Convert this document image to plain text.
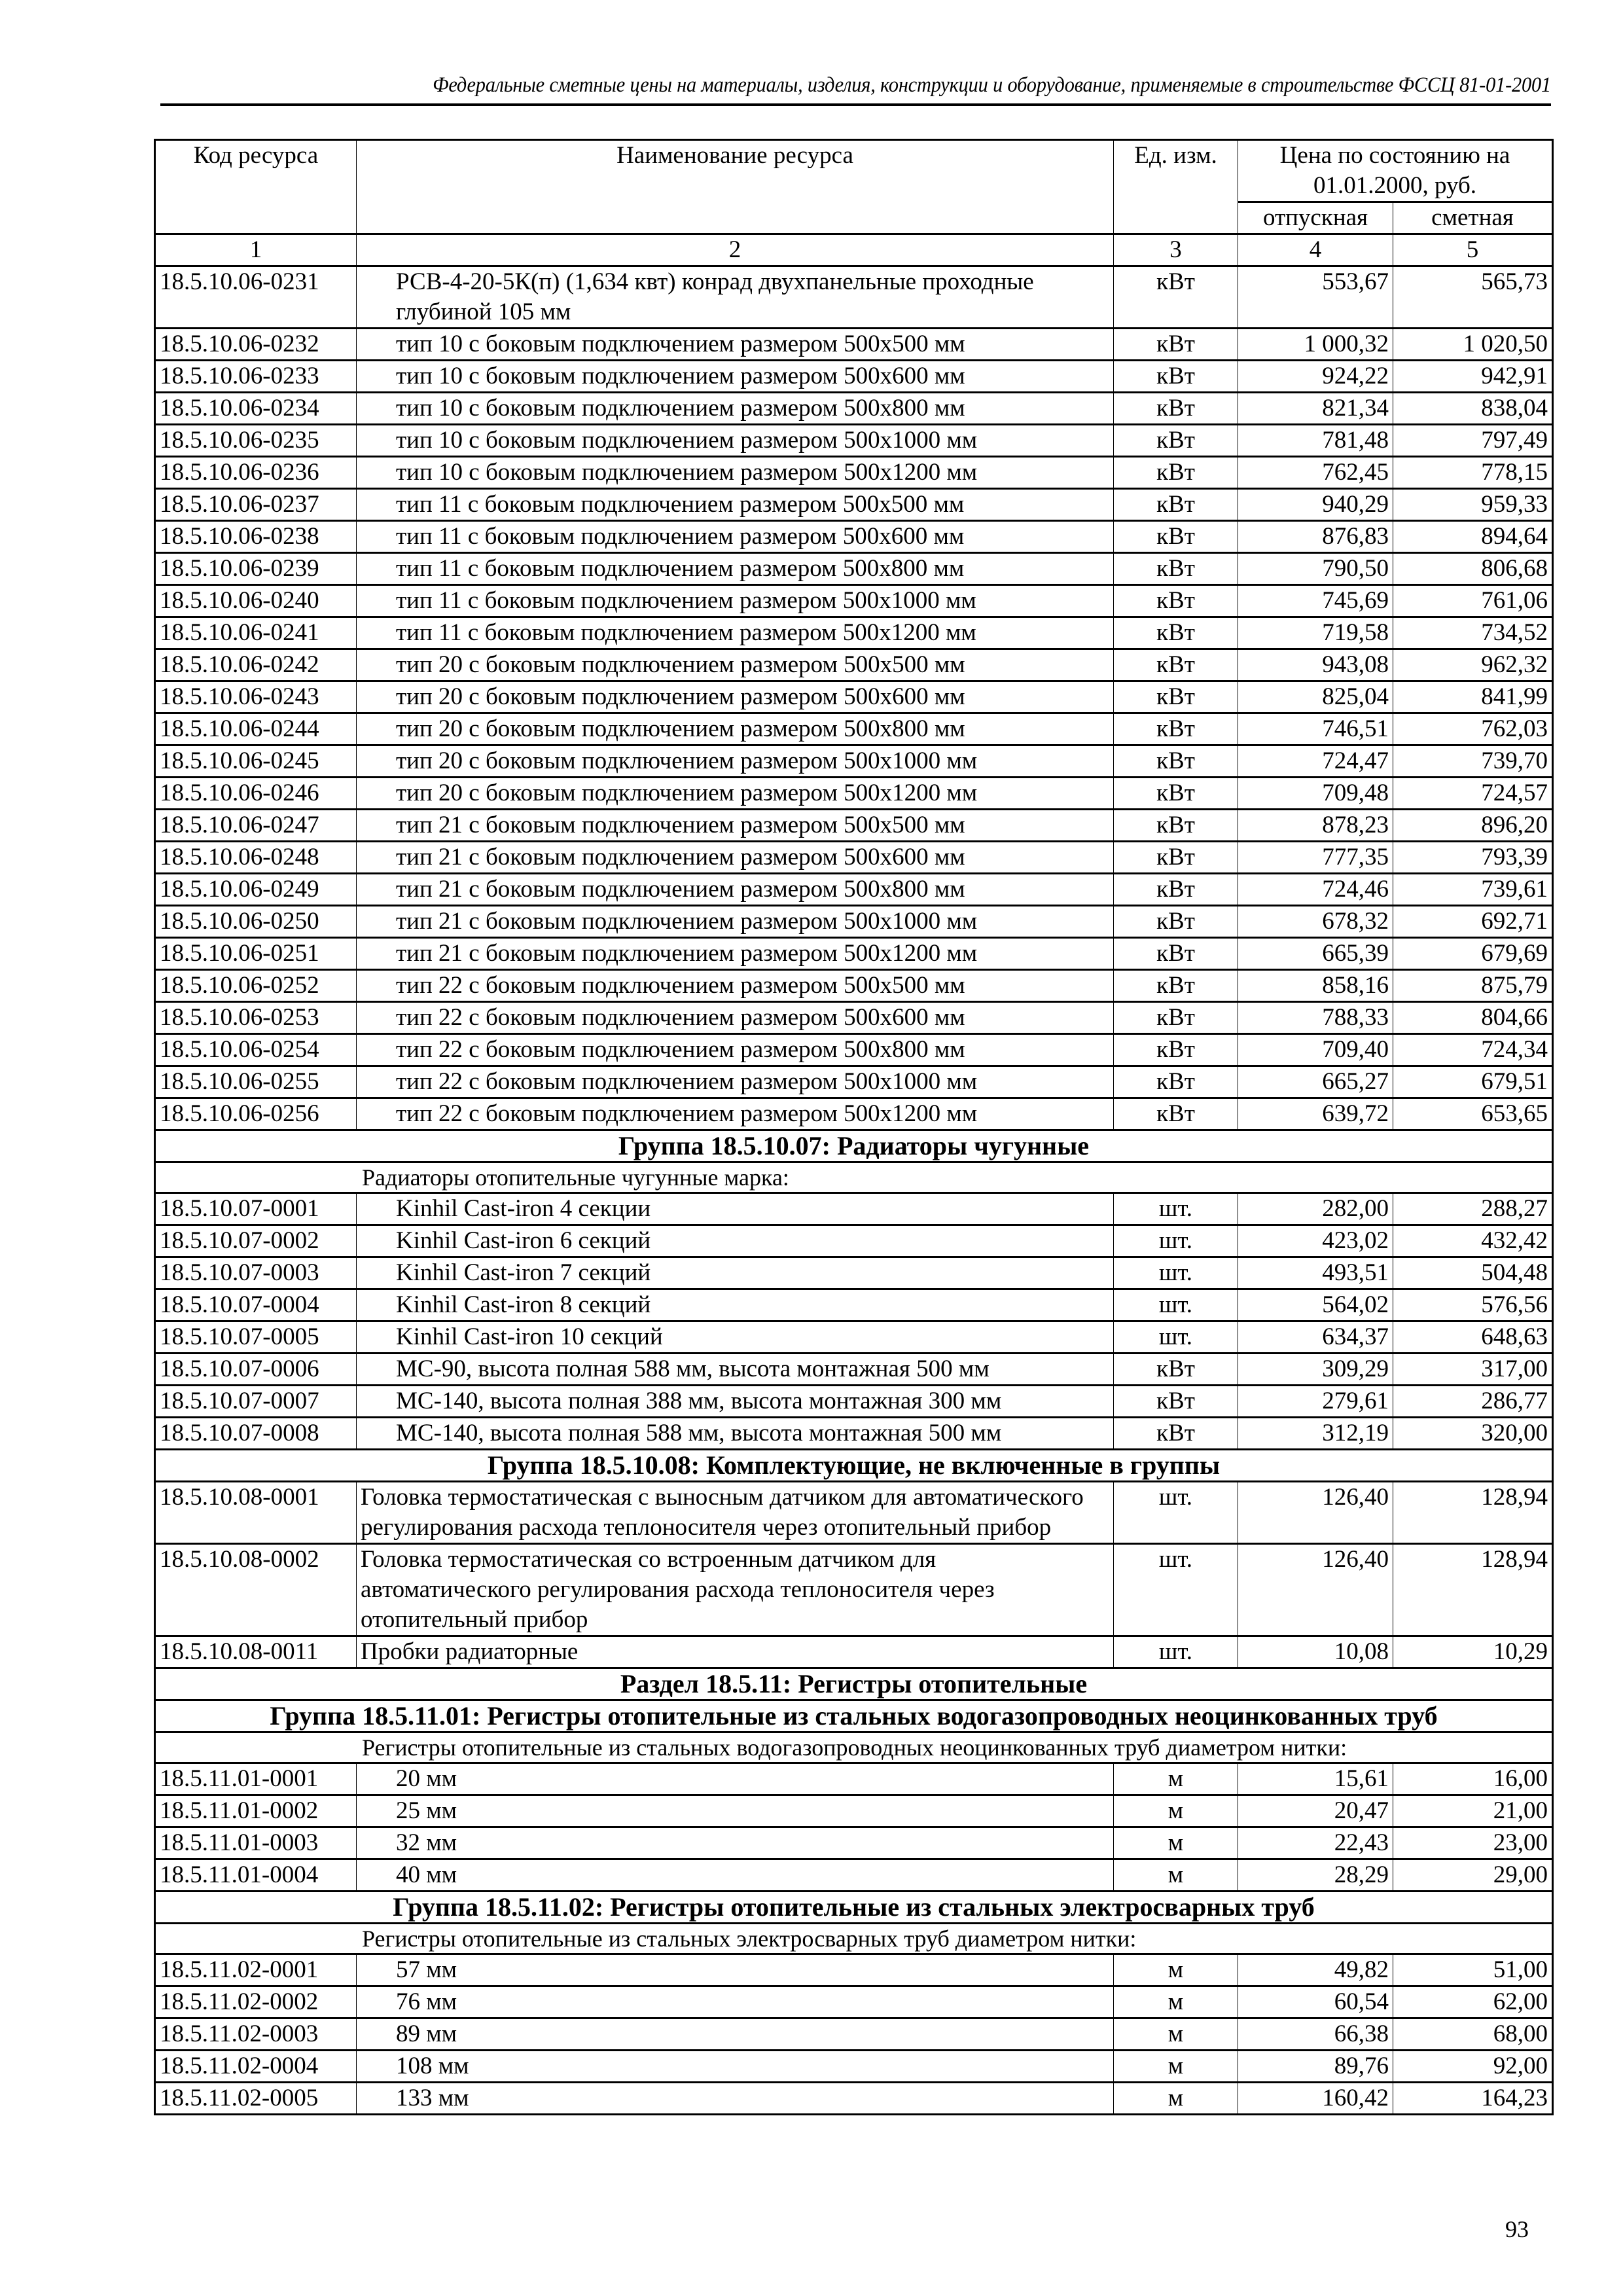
Федеральные сметные цены на материалы, изделия, конструкции и оборудование, применяемые в строительстве ФССЦ 81-01-2001
Код ресурса	Наименование ресурса	Ед. изм.	Цена по состоянию на 01.01.2000, руб.	
			отпускная	сметная
1	2	3	4	5
18.5.10.06-0231	РСВ-4-20-5К(п) (1,634 квт) конрад двухпанельные проходные глубиной 105 мм	кВт	553,67	565,73
18.5.10.06-0232	тип 10 с боковым подключением размером 500х500 мм	кВт	1 000,32	1 020,50
18.5.10.06-0233	тип 10 с боковым подключением размером 500х600 мм	кВт	924,22	942,91
18.5.10.06-0234	тип 10 с боковым подключением размером 500х800 мм	кВт	821,34	838,04
18.5.10.06-0235	тип 10 с боковым подключением размером 500х1000 мм	кВт	781,48	797,49
18.5.10.06-0236	тип 10 с боковым подключением размером 500х1200 мм	кВт	762,45	778,15
18.5.10.06-0237	тип 11 с боковым подключением размером 500х500 мм	кВт	940,29	959,33
18.5.10.06-0238	тип 11 с боковым подключением размером 500х600 мм	кВт	876,83	894,64
18.5.10.06-0239	тип 11 с боковым подключением размером 500х800 мм	кВт	790,50	806,68
18.5.10.06-0240	тип 11 с боковым подключением размером 500х1000 мм	кВт	745,69	761,06
18.5.10.06-0241	тип 11 с боковым подключением размером 500х1200 мм	кВт	719,58	734,52
18.5.10.06-0242	тип 20 с боковым подключением размером 500х500 мм	кВт	943,08	962,32
18.5.10.06-0243	тип 20 с боковым подключением размером 500х600 мм	кВт	825,04	841,99
18.5.10.06-0244	тип 20 с боковым подключением размером 500х800 мм	кВт	746,51	762,03
18.5.10.06-0245	тип 20 с боковым подключением размером 500х1000 мм	кВт	724,47	739,70
18.5.10.06-0246	тип 20 с боковым подключением размером 500х1200 мм	кВт	709,48	724,57
18.5.10.06-0247	тип 21 с боковым подключением размером 500х500 мм	кВт	878,23	896,20
18.5.10.06-0248	тип 21 с боковым подключением размером 500х600 мм	кВт	777,35	793,39
18.5.10.06-0249	тип 21 с боковым подключением размером 500х800 мм	кВт	724,46	739,61
18.5.10.06-0250	тип 21 с боковым подключением размером 500х1000 мм	кВт	678,32	692,71
18.5.10.06-0251	тип 21 с боковым подключением размером 500х1200 мм	кВт	665,39	679,69
18.5.10.06-0252	тип 22 с боковым подключением размером 500х500 мм	кВт	858,16	875,79
18.5.10.06-0253	тип 22 с боковым подключением размером 500х600 мм	кВт	788,33	804,66
18.5.10.06-0254	тип 22 с боковым подключением размером 500х800 мм	кВт	709,40	724,34
18.5.10.06-0255	тип 22 с боковым подключением размером 500х1000 мм	кВт	665,27	679,51
18.5.10.06-0256	тип 22 с боковым подключением размером 500х1200 мм	кВт	639,72	653,65
Группа 18.5.10.07: Радиаторы чугунные				
Радиаторы отопительные чугунные марка:				
18.5.10.07-0001	Kinhil Cast-iron 4 секции	шт.	282,00	288,27
18.5.10.07-0002	Kinhil Cast-iron 6 секций	шт.	423,02	432,42
18.5.10.07-0003	Kinhil Cast-iron 7 секций	шт.	493,51	504,48
18.5.10.07-0004	Kinhil Cast-iron 8 секций	шт.	564,02	576,56
18.5.10.07-0005	Kinhil Cast-iron 10 секций	шт.	634,37	648,63
18.5.10.07-0006	МС-90, высота полная 588 мм, высота монтажная 500 мм	кВт	309,29	317,00
18.5.10.07-0007	МС-140, высота полная 388 мм, высота монтажная 300 мм	кВт	279,61	286,77
18.5.10.07-0008	МС-140, высота полная 588 мм, высота монтажная 500 мм	кВт	312,19	320,00
Группа 18.5.10.08: Комплектующие, не включенные в группы				
18.5.10.08-0001	Головка термостатическая с выносным датчиком для автоматического регулирования расхода теплоносителя через отопительный прибор	шт.	126,40	128,94
18.5.10.08-0002	Головка термостатическая со встроенным датчиком для автоматического регулирования расхода теплоносителя через отопительный прибор	шт.	126,40	128,94
18.5.10.08-0011	Пробки радиаторные	шт.	10,08	10,29
Раздел 18.5.11: Регистры отопительные				
Группа 18.5.11.01: Регистры отопительные из стальных водогазопроводных неоцинкованных труб				
Регистры отопительные из стальных водогазопроводных неоцинкованных труб диаметром нитки:				
18.5.11.01-0001	20 мм	м	15,61	16,00
18.5.11.01-0002	25 мм	м	20,47	21,00
18.5.11.01-0003	32 мм	м	22,43	23,00
18.5.11.01-0004	40 мм	м	28,29	29,00
Группа 18.5.11.02: Регистры отопительные из стальных электросварных труб				
Регистры отопительные из стальных электросварных труб диаметром нитки:				
18.5.11.02-0001	57 мм	м	49,82	51,00
18.5.11.02-0002	76 мм	м	60,54	62,00
18.5.11.02-0003	89 мм	м	66,38	68,00
18.5.11.02-0004	108 мм	м	89,76	92,00
18.5.11.02-0005	133 мм	м	160,42	164,23
93
